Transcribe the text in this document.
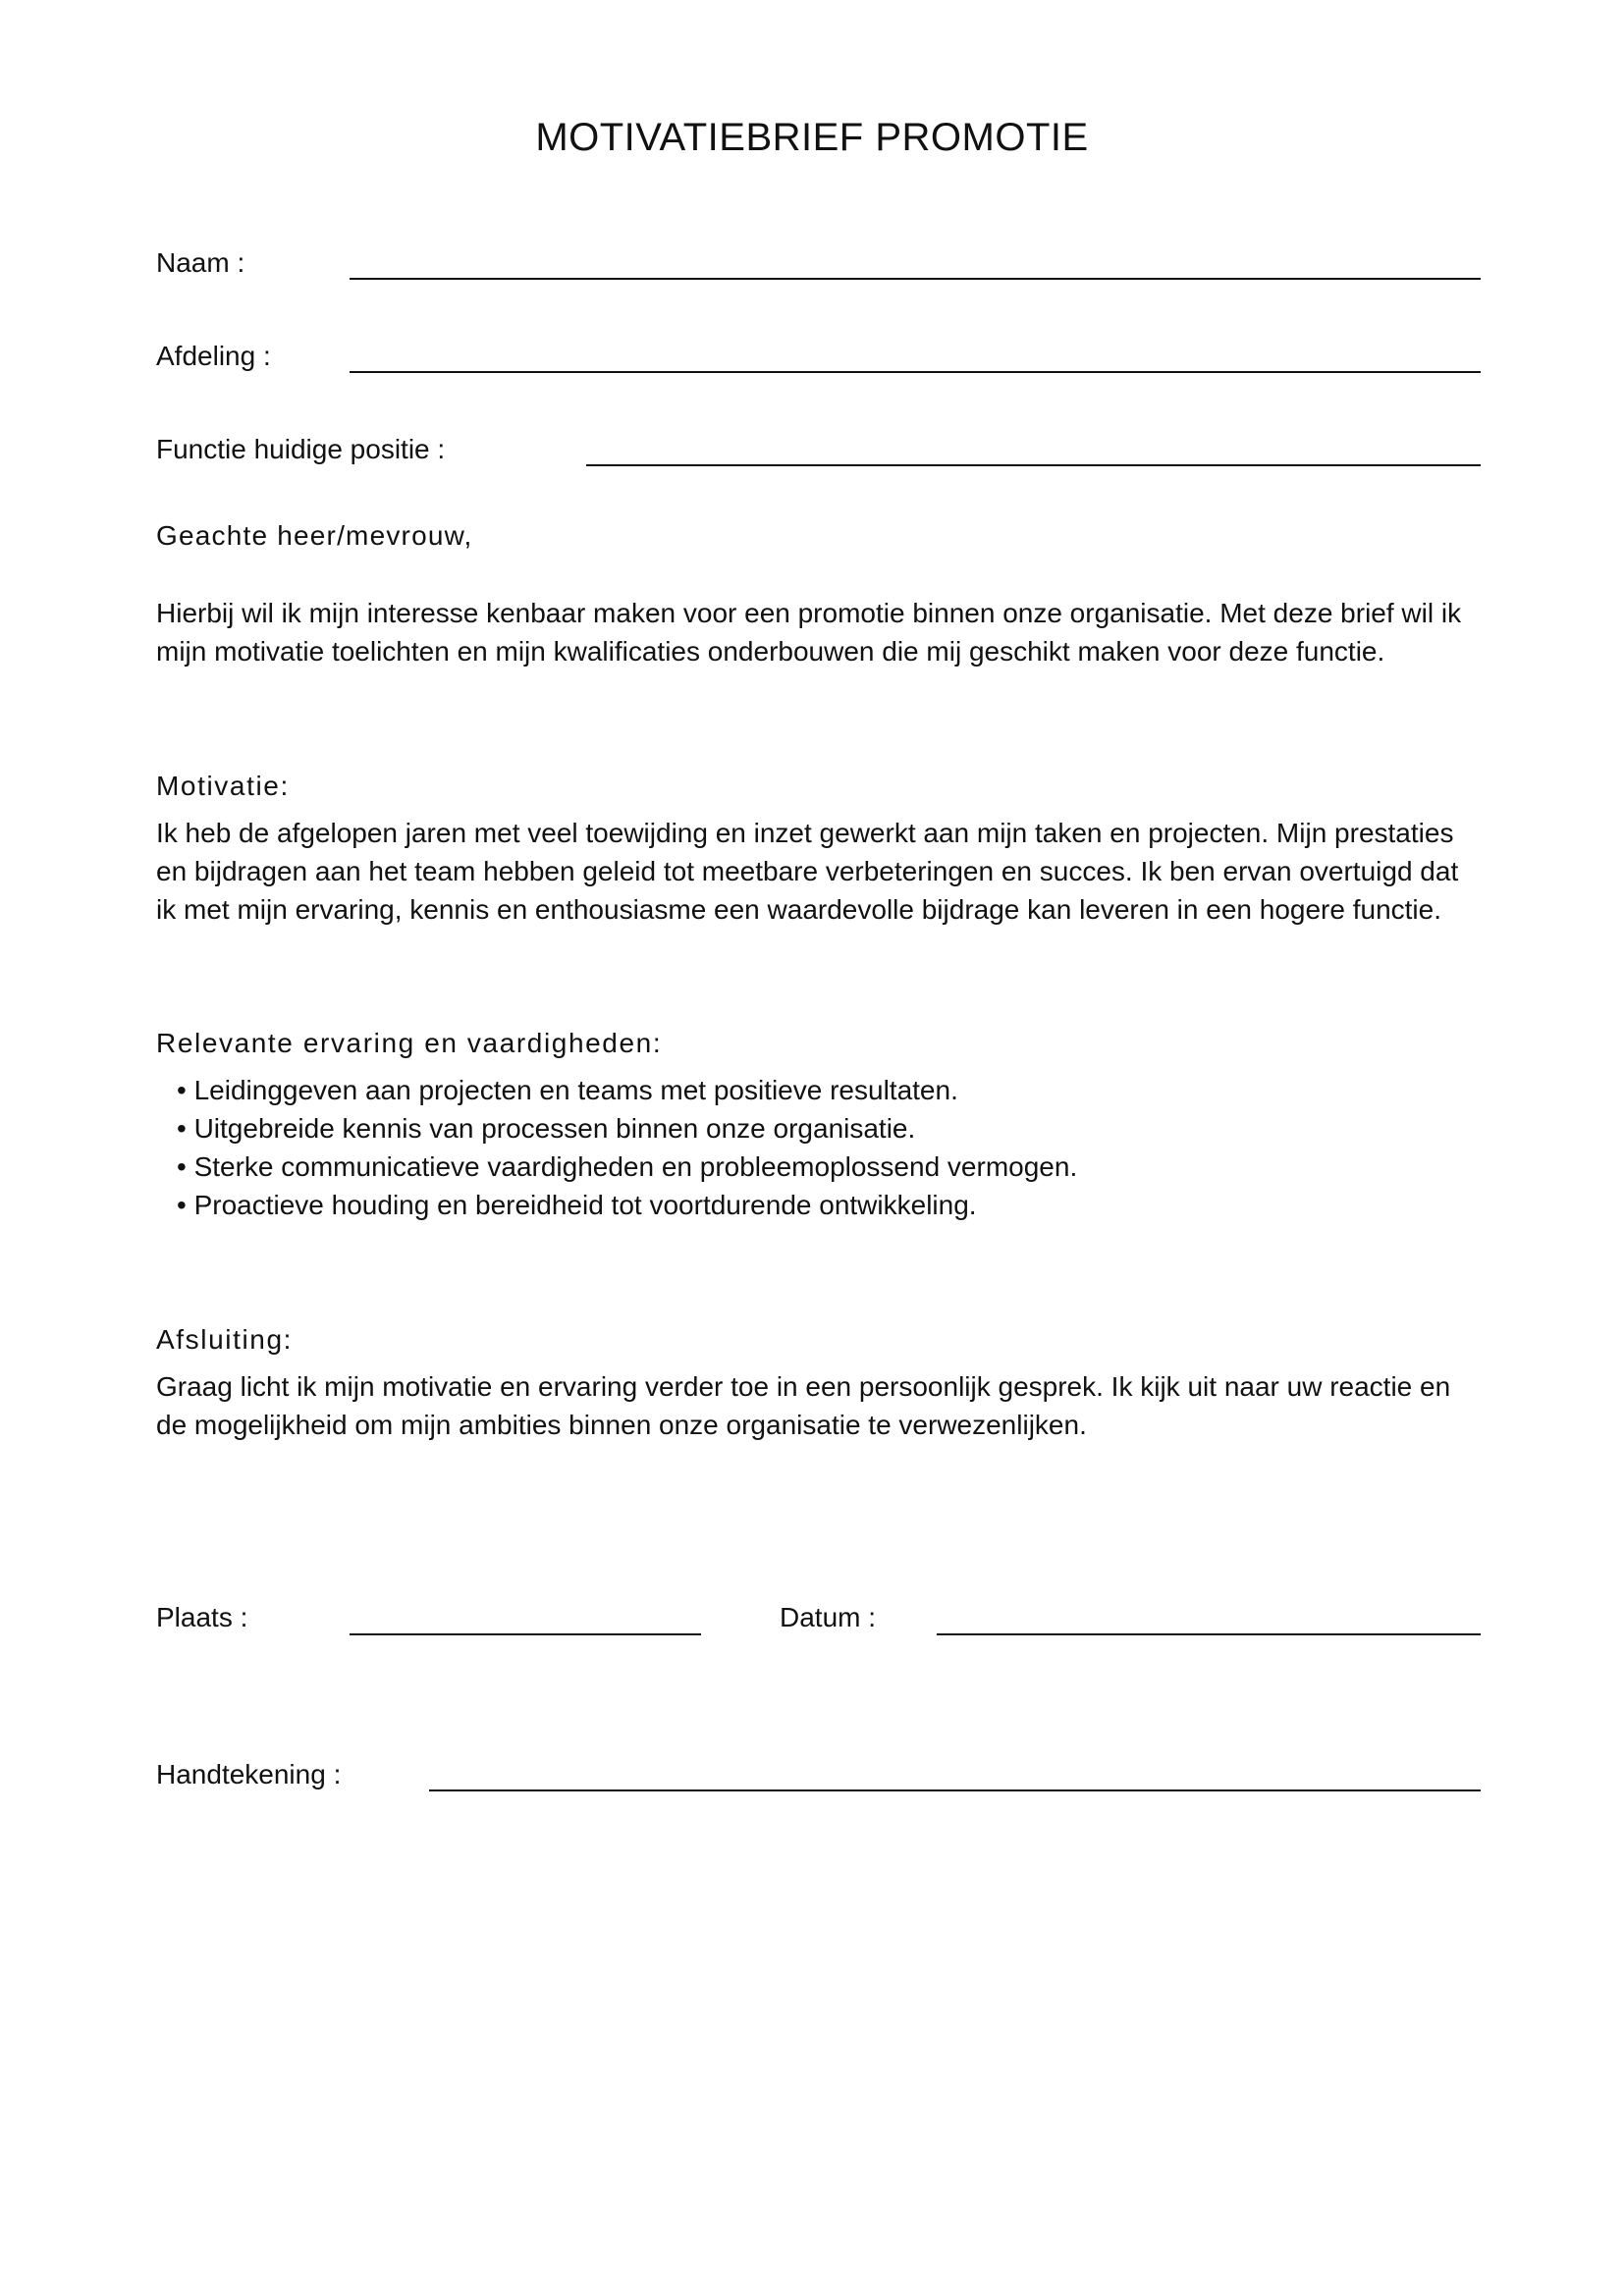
MOTIVATIEBRIEF PROMOTIE
Naam :
Afdeling :
Functie huidige positie :
Geachte heer/mevrouw,
Hierbij wil ik mijn interesse kenbaar maken voor een promotie binnen onze organisatie. Met deze brief wil ik
mijn motivatie toelichten en mijn kwalificaties onderbouwen die mij geschikt maken voor deze functie.
Motivatie:
Ik heb de afgelopen jaren met veel toewijding en inzet gewerkt aan mijn taken en projecten. Mijn prestaties
en bijdragen aan het team hebben geleid tot meetbare verbeteringen en succes. Ik ben ervan overtuigd dat
ik met mijn ervaring, kennis en enthousiasme een waardevolle bijdrage kan leveren in een hogere functie.
Relevante ervaring en vaardigheden:
• Leidinggeven aan projecten en teams met positieve resultaten.
• Uitgebreide kennis van processen binnen onze organisatie.
• Sterke communicatieve vaardigheden en probleemoplossend vermogen.
• Proactieve houding en bereidheid tot voortdurende ontwikkeling.
Afsluiting:
Graag licht ik mijn motivatie en ervaring verder toe in een persoonlijk gesprek. Ik kijk uit naar uw reactie en
de mogelijkheid om mijn ambities binnen onze organisatie te verwezenlijken.
Plaats :	Datum :
Handtekening :
